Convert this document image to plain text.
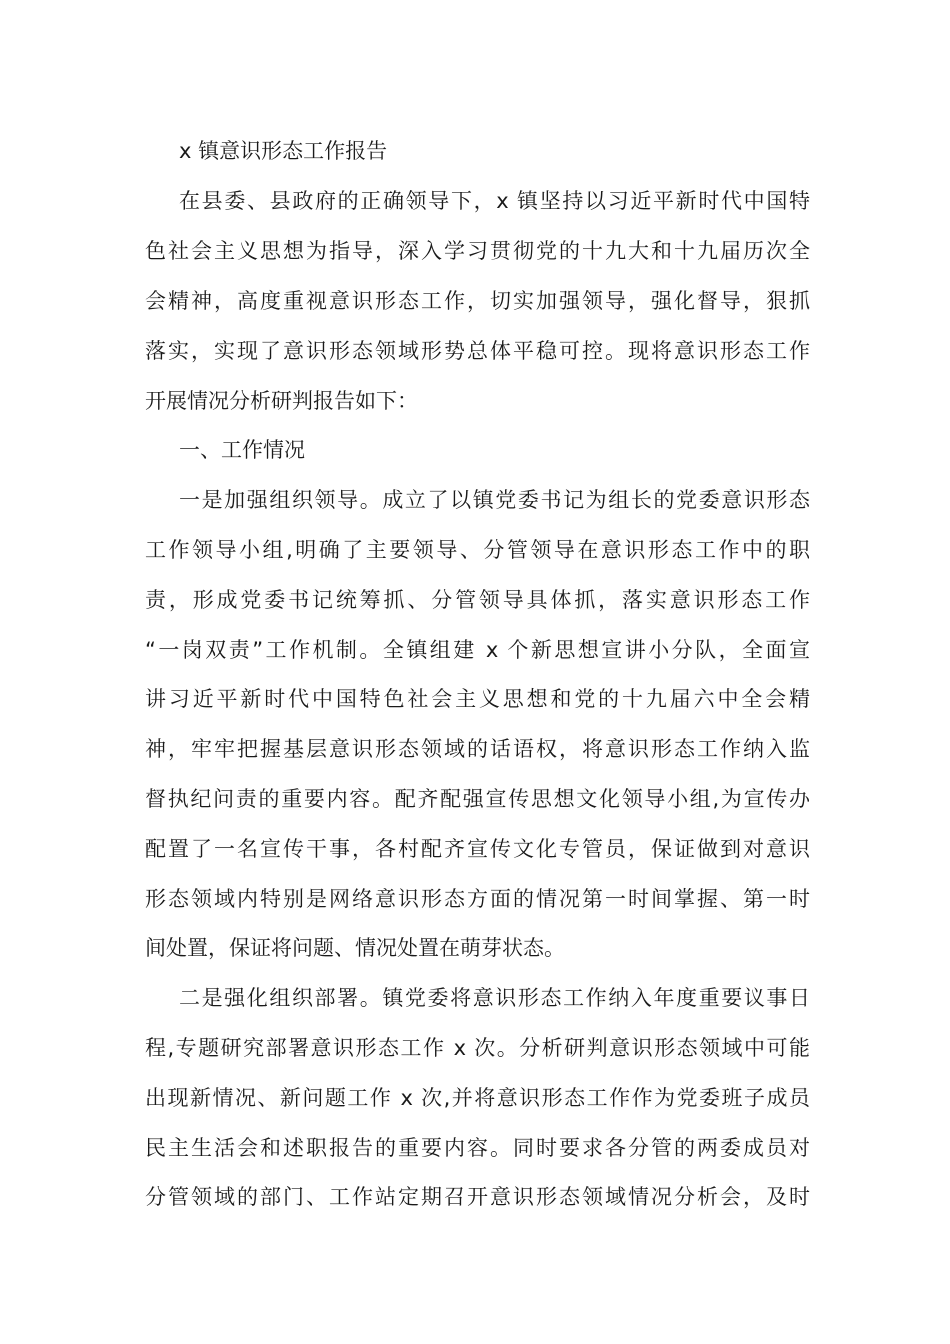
x 镇意识形态工作报告
在县委、县政府的正确领导下，x 镇坚持以习近平新时代中国特
色社会主义思想为指导，深入学习贯彻党的十九大和十九届历次全
会精神，高度重视意识形态工作，切实加强领导，强化督导，狠抓
落实，实现了意识形态领域形势总体平稳可控。现将意识形态工作
开展情况分析研判报告如下：
一、工作情况
一是加强组织领导。成立了以镇党委书记为组长的党委意识形态
工作领导小组,明确了主要领导、分管领导在意识形态工作中的职
责，形成党委书记统筹抓、分管领导具体抓，落实意识形态工作
“一岗双责”工作机制。全镇组建 x 个新思想宣讲小分队，全面宣
讲习近平新时代中国特色社会主义思想和党的十九届六中全会精
神，牢牢把握基层意识形态领域的话语权，将意识形态工作纳入监
督执纪问责的重要内容。配齐配强宣传思想文化领导小组,为宣传办
配置了一名宣传干事，各村配齐宣传文化专管员，保证做到对意识
形态领域内特别是网络意识形态方面的情况第一时间掌握、第一时
间处置，保证将问题、情况处置在萌芽状态。
二是强化组织部署。镇党委将意识形态工作纳入年度重要议事日
程,专题研究部署意识形态工作 x 次。分析研判意识形态领域中可能
出现新情况、新问题工作 x 次,并将意识形态工作作为党委班子成员
民主生活会和述职报告的重要内容。同时要求各分管的两委成员对
分管领域的部门、工作站定期召开意识形态领域情况分析会，及时
